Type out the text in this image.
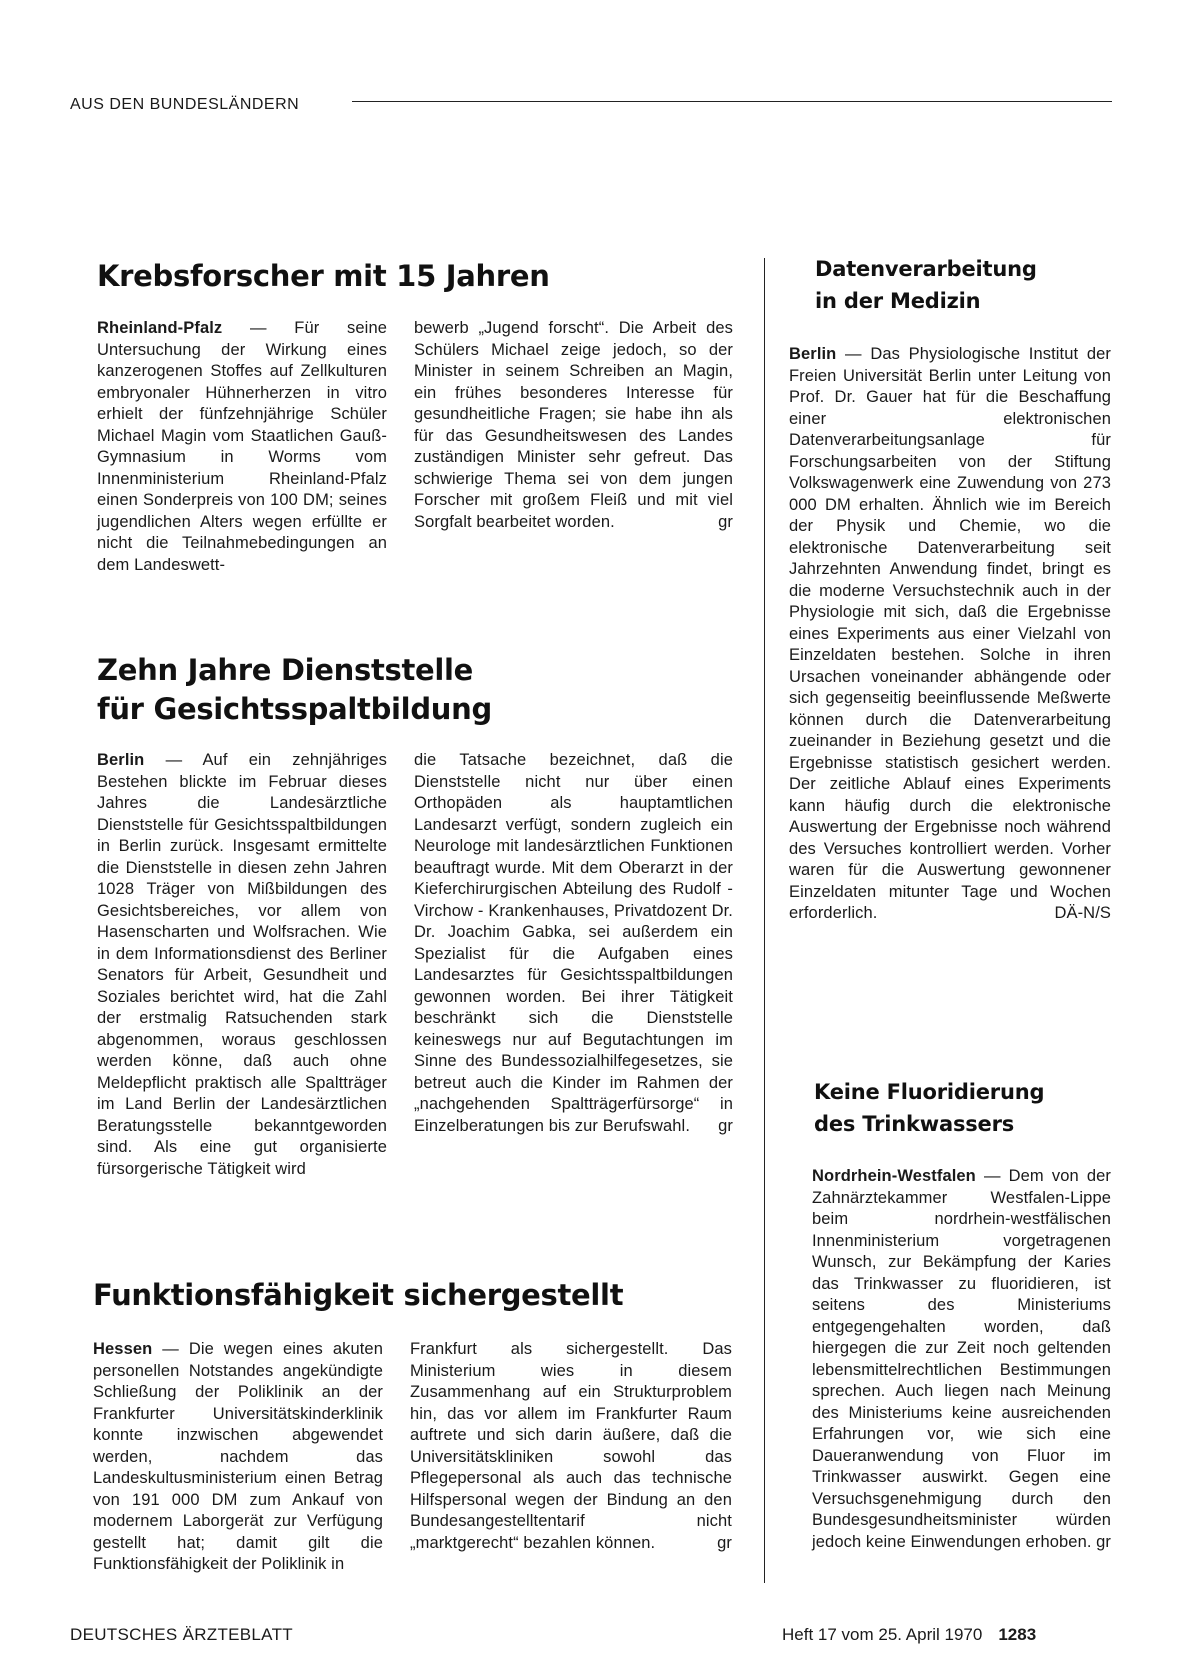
AUS DEN BUNDESLÄNDERN
Krebsforscher mit 15 Jahren

Rheinland-Pfalz — Für seine Untersuchung der Wirkung eines kanzerogenen Stoffes auf Zellkulturen embryonaler Hühnerherzen in vitro erhielt der fünfzehnjährige Schüler Michael Magin vom Staatlichen Gauß-Gymnasium in Worms vom Innenministerium Rheinland-Pfalz einen Sonderpreis von 100 DM; seines jugendlichen Alters wegen erfüllte er nicht die Teilnahmebedingungen an dem Landeswett-

bewerb „Jugend forscht“. Die Arbeit des Schülers Michael zeige jedoch, so der Minister in seinem Schreiben an Magin, ein frühes besonderes Interesse für gesundheitliche Fragen; sie habe ihn als für das Gesundheitswesen des Landes zuständigen Minister sehr gefreut. Das schwierige Thema sei von dem jungen Forscher mit großem Fleiß und mit viel Sorgfalt bearbeitet worden.	gr

Zehn Jahre Dienststelle
für Gesichtsspaltbildung

Berlin — Auf ein zehnjähriges Bestehen blickte im Februar dieses Jahres die Landesärztliche Dienststelle für Gesichtsspaltbildungen in Berlin zurück. Insgesamt ermittelte die Dienststelle in diesen zehn Jahren 1028 Träger von Mißbildungen des Gesichtsbereiches, vor allem von Hasenscharten und Wolfsrachen. Wie in dem Informationsdienst des Berliner Senators für Arbeit, Gesundheit und Soziales berichtet wird, hat die Zahl der erstmalig Ratsuchenden stark abgenommen, woraus geschlossen werden könne, daß auch ohne Meldepflicht praktisch alle Spaltträger im Land Berlin der Landesärztlichen Beratungsstelle bekanntgeworden sind. Als eine gut organisierte fürsorgerische Tätigkeit wird

die Tatsache bezeichnet, daß die Dienststelle nicht nur über einen Orthopäden als hauptamtlichen Landesarzt verfügt, sondern zugleich ein Neurologe mit landesärztlichen Funktionen beauftragt wurde. Mit dem Oberarzt in der Kieferchirurgischen Abteilung des Rudolf - Virchow - Krankenhauses, Privatdozent Dr. Dr. Joachim Gabka, sei außerdem ein Spezialist für die Aufgaben eines Landesarztes für Gesichtsspaltbildungen gewonnen worden. Bei ihrer Tätigkeit beschränkt sich die Dienststelle keineswegs nur auf Begutachtungen im Sinne des Bundessozialhilfegesetzes, sie betreut auch die Kinder im Rahmen der „nachgehenden Spaltträgerfürsorge“ in Einzelberatungen bis zur Berufswahl. gr

Funktionsfähigkeit sichergestellt

Hessen — Die wegen eines akuten personellen Notstandes angekündigte Schließung der Poliklinik an der Frankfurter Universitätskinderklinik konnte inzwischen abgewendet werden, nachdem das Landeskultusministerium einen Betrag von 191 000 DM zum Ankauf von modernem Laborgerät zur Verfügung gestellt hat; damit gilt die Funktionsfähigkeit der Poliklinik in

Frankfurt als sichergestellt. Das Ministerium wies in diesem Zusammenhang auf ein Strukturproblem hin, das vor allem im Frankfurter Raum auftrete und sich darin äußere, daß die Universitätskliniken sowohl das Pflegepersonal als auch das technische Hilfspersonal wegen der Bindung an den Bundesangestelltentarif nicht „marktgerecht“ bezahlen können.	gr

Datenverarbeitung
in der Medizin

Berlin — Das Physiologische Institut der Freien Universität Berlin unter Leitung von Prof. Dr. Gauer hat für die Beschaffung einer elektronischen Datenverarbeitungsanlage für Forschungsarbeiten von der Stiftung Volkswagenwerk eine Zuwendung von 273 000 DM erhalten. Ähnlich wie im Bereich der Physik und Chemie, wo die elektronische Datenverarbeitung seit Jahrzehnten Anwendung findet, bringt es die moderne Versuchstechnik auch in der Physiologie mit sich, daß die Ergebnisse eines Experiments aus einer Vielzahl von Einzeldaten bestehen. Solche in ihren Ursachen voneinander abhängende oder sich gegenseitig beeinflussende Meßwerte können durch die Datenverarbeitung zueinander in Beziehung gesetzt und die Ergebnisse statistisch gesichert werden. Der zeitliche Ablauf eines Experiments kann häufig durch die elektronische Auswertung der Ergebnisse noch während des Versuches kontrolliert werden. Vorher waren für die Auswertung gewonnener Einzeldaten mitunter Tage und Wochen erforderlich.	DÄ-N/S

Keine Fluoridierung
des Trinkwassers

Nordrhein-Westfalen — Dem von der Zahnärztekammer Westfalen-Lippe beim nordrhein-westfälischen Innenministerium vorgetragenen Wunsch, zur Bekämpfung der Karies das Trinkwasser zu fluoridieren, ist seitens des Ministeriums entgegengehalten worden, daß hiergegen die zur Zeit noch geltenden lebensmittelrechtlichen Bestimmungen sprechen. Auch liegen nach Meinung des Ministeriums keine ausreichenden Erfahrungen vor, wie sich eine Daueranwendung von Fluor im Trinkwasser auswirkt. Gegen eine Versuchsgenehmigung durch den Bundesgesundheitsminister würden jedoch keine Einwendungen erhoben. gr

DEUTSCHES ÄRZTEBLATT	Heft 17 vom 25. April 1970 1283
